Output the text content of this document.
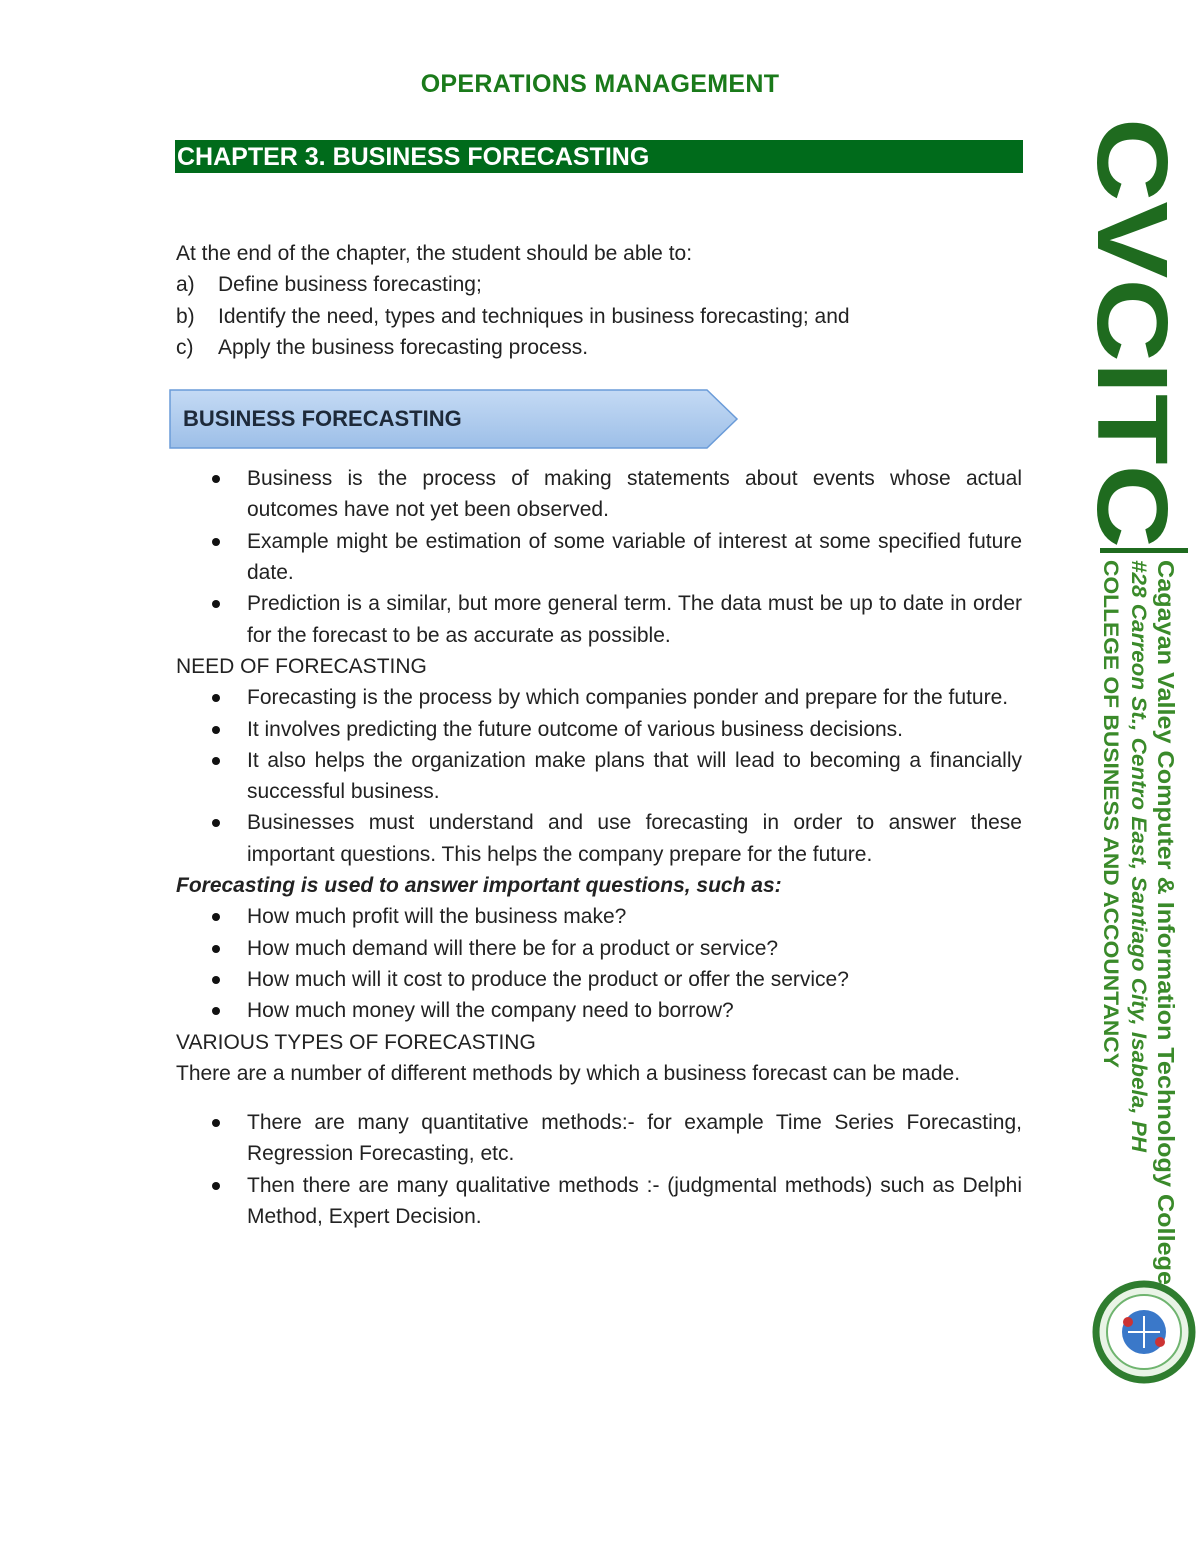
OPERATIONS MANAGEMENT
CHAPTER 3. BUSINESS FORECASTING

At the end of the chapter, the student should be able to:

a)	Define business forecasting;
b)	Identify the need, types and techniques in business forecasting; and
c)	Apply the business forecasting process.
BUSINESS FORECASTING
Business is the process of making statements about events whose actual outcomes have not yet been observed.
Example might be estimation of some variable of interest at some specified future date.
Prediction is a similar, but more general term. The data must be up to date in order for the forecast to be as accurate as possible.

NEED OF FORECASTING

Forecasting is the process by which companies ponder and prepare for the future.
It involves predicting the future outcome of various business decisions.
It also helps the organization make plans that will lead to becoming a financially successful business.
Businesses must understand and use forecasting in order to answer these important questions. This helps the company prepare for the future.

Forecasting is used to answer important questions, such as:

How much profit will the business make?
How much demand will there be for a product or service?
How much will it cost to produce the product or offer the service?
How much money will the company need to borrow?

VARIOUS TYPES OF FORECASTING

There are a number of different methods by which a business forecast can be made.

There are many quantitative methods:- for example Time Series Forecasting, Regression Forecasting, etc.
Then there are many qualitative methods :- (judgmental methods) such as Delphi Method, Expert Decision.
CVCITC
Cagayan Valley Computer & Information Technology College
#28 Carreon St., Centro East, Santiago City, Isabela, PH
COLLEGE OF BUSINESS AND ACCOUNTANCY
